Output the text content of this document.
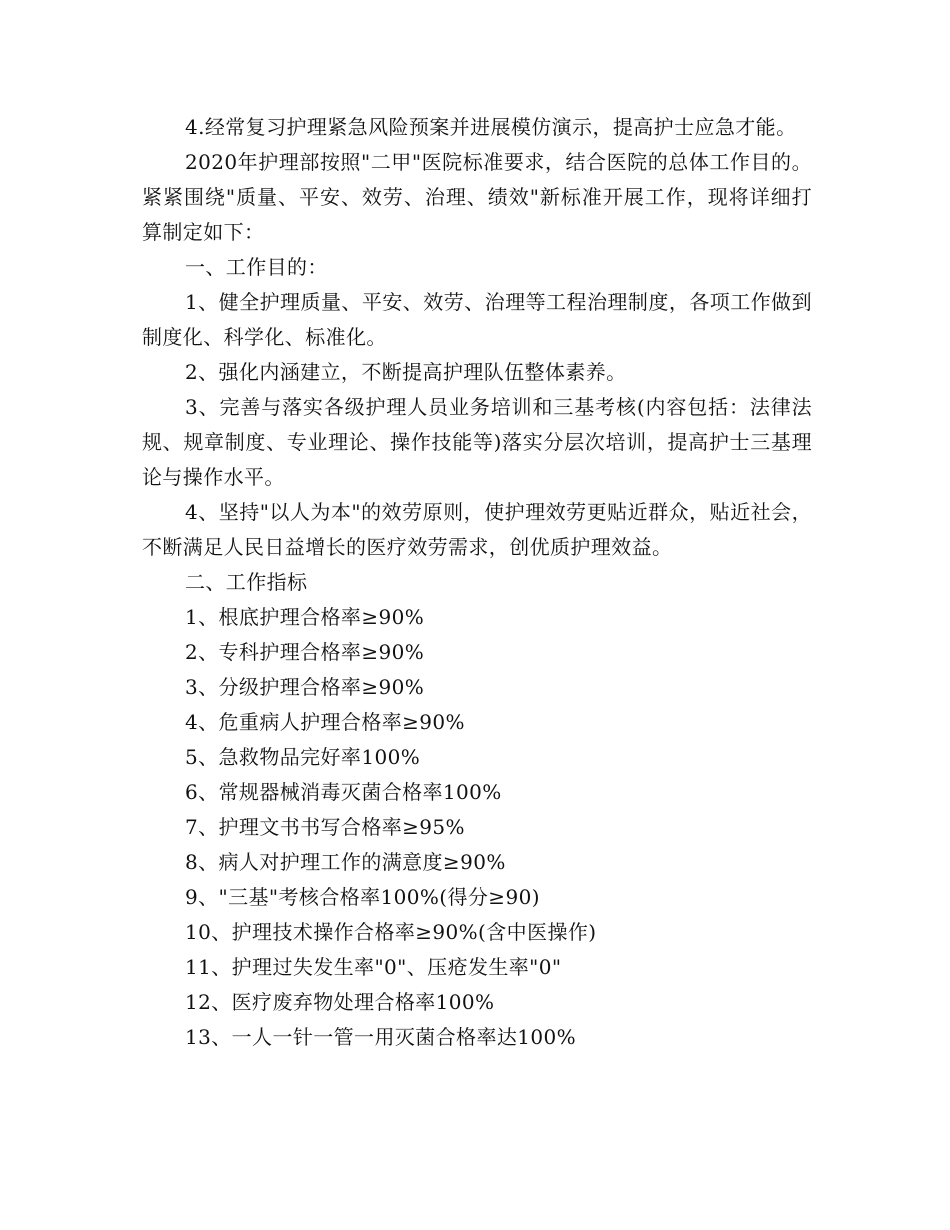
4.经常复习护理紧急风险预案并进展模仿演示，提高护士应急才能。

2020年护理部按照"二甲"医院标准要求，结合医院的总体工作目的。紧紧围绕"质量、平安、效劳、治理、绩效"新标准开展工作，现将详细打算制定如下：

一、工作目的：

1、健全护理质量、平安、效劳、治理等工程治理制度，各项工作做到制度化、科学化、标准化。

2、强化内涵建立，不断提高护理队伍整体素养。

3、完善与落实各级护理人员业务培训和三基考核(内容包括：法律法规、规章制度、专业理论、操作技能等)落实分层次培训，提高护士三基理论与操作水平。

4、坚持"以人为本"的效劳原则，使护理效劳更贴近群众，贴近社会，不断满足人民日益增长的医疗效劳需求，创优质护理效益。

二、工作指标

1、根底护理合格率≥90%

2、专科护理合格率≥90%

3、分级护理合格率≥90%

4、危重病人护理合格率≥90%

5、急救物品完好率100%

6、常规器械消毒灭菌合格率100%

7、护理文书书写合格率≥95%

8、病人对护理工作的满意度≥90%

9、"三基"考核合格率100%(得分≥90)

10、护理技术操作合格率≥90%(含中医操作)

11、护理过失发生率"0"、压疮发生率"0"

12、医疗废弃物处理合格率100%

13、一人一针一管一用灭菌合格率达100%
